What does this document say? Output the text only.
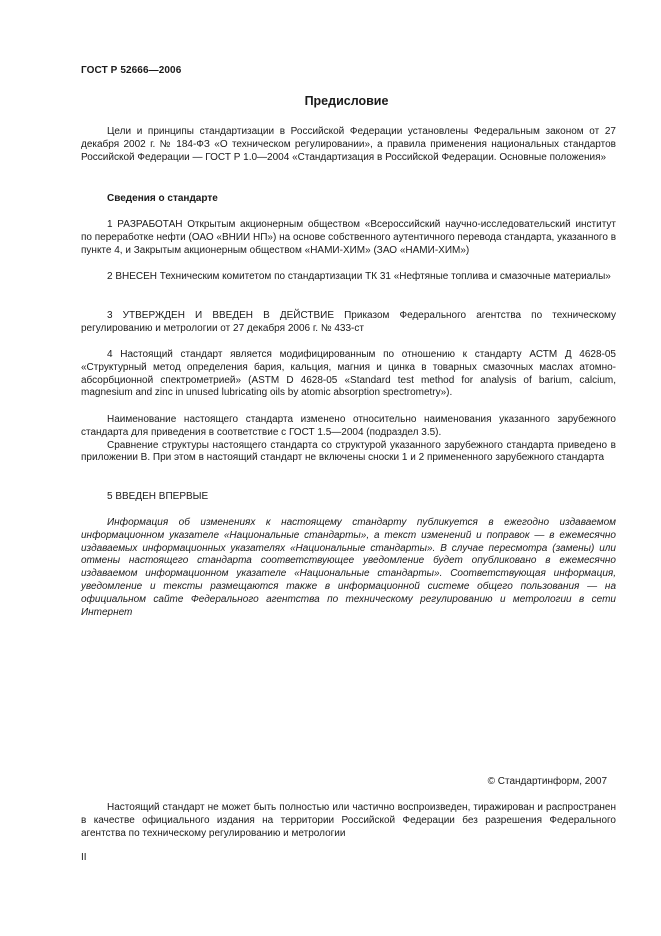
ГОСТ Р 52666—2006
Предисловие

Цели и принципы стандартизации в Российской Федерации установлены Федеральным законом от 27 декабря 2002 г. № 184-ФЗ «О техническом регулировании», а правила применения национальных стандартов Российской Федерации — ГОСТ Р 1.0—2004 «Стандартизация в Российской Федерации. Основные положения»

Сведения о стандарте

1 РАЗРАБОТАН Открытым акционерным обществом «Всероссийский научно-исследовательский институт по переработке нефти (ОАО «ВНИИ НП») на основе собственного аутентичного перевода стандарта, указанного в пункте 4, и Закрытым акционерным обществом «НАМИ-ХИМ» (ЗАО «НАМИ-ХИМ»)

2 ВНЕСЕН Техническим комитетом по стандартизации ТК 31 «Нефтяные топлива и смазочные материалы»

3 УТВЕРЖДЕН И ВВЕДЕН В ДЕЙСТВИЕ Приказом Федерального агентства по техническому регулированию и метрологии от 27 декабря 2006 г. № 433-ст

4 Настоящий стандарт является модифицированным по отношению к стандарту АСТМ Д 4628-05 «Структурный метод определения бария, кальция, магния и цинка в товарных смазочных маслах атомно-абсорбционной спектрометрией» (ASTM D 4628-05 «Standard test method for analysis of barium, calcium, magnesium and zinc in unused lubricating oils by atomic absorption spectrometry»).

Наименование настоящего стандарта изменено относительно наименования указанного зарубежного стандарта для приведения в соответствие с ГОСТ 1.5—2004 (подраздел 3.5).

Сравнение структуры настоящего стандарта со структурой указанного зарубежного стандарта приведено в приложении В. При этом в настоящий стандарт не включены сноски 1 и 2 примененного зарубежного стандарта

5 ВВЕДЕН ВПЕРВЫЕ

Информация об изменениях к настоящему стандарту публикуется в ежегодно издаваемом информационном указателе «Национальные стандарты», а текст изменений и поправок — в ежемесячно издаваемых информационных указателях «Национальные стандарты». В случае пересмотра (замены) или отмены настоящего стандарта соответствующее уведомление будет опубликовано в ежемесячно издаваемом информационном указателе «Национальные стандарты». Соответствующая информация, уведомление и тексты размещаются также в информационной системе общего пользования — на официальном сайте Федерального агентства по техническому регулированию и метрологии в сети Интернет

© Стандартинформ, 2007

Настоящий стандарт не может быть полностью или частично воспроизведен, тиражирован и распространен в качестве официального издания на территории Российской Федерации без разрешения Федерального агентства по техническому регулированию и метрологии

II
